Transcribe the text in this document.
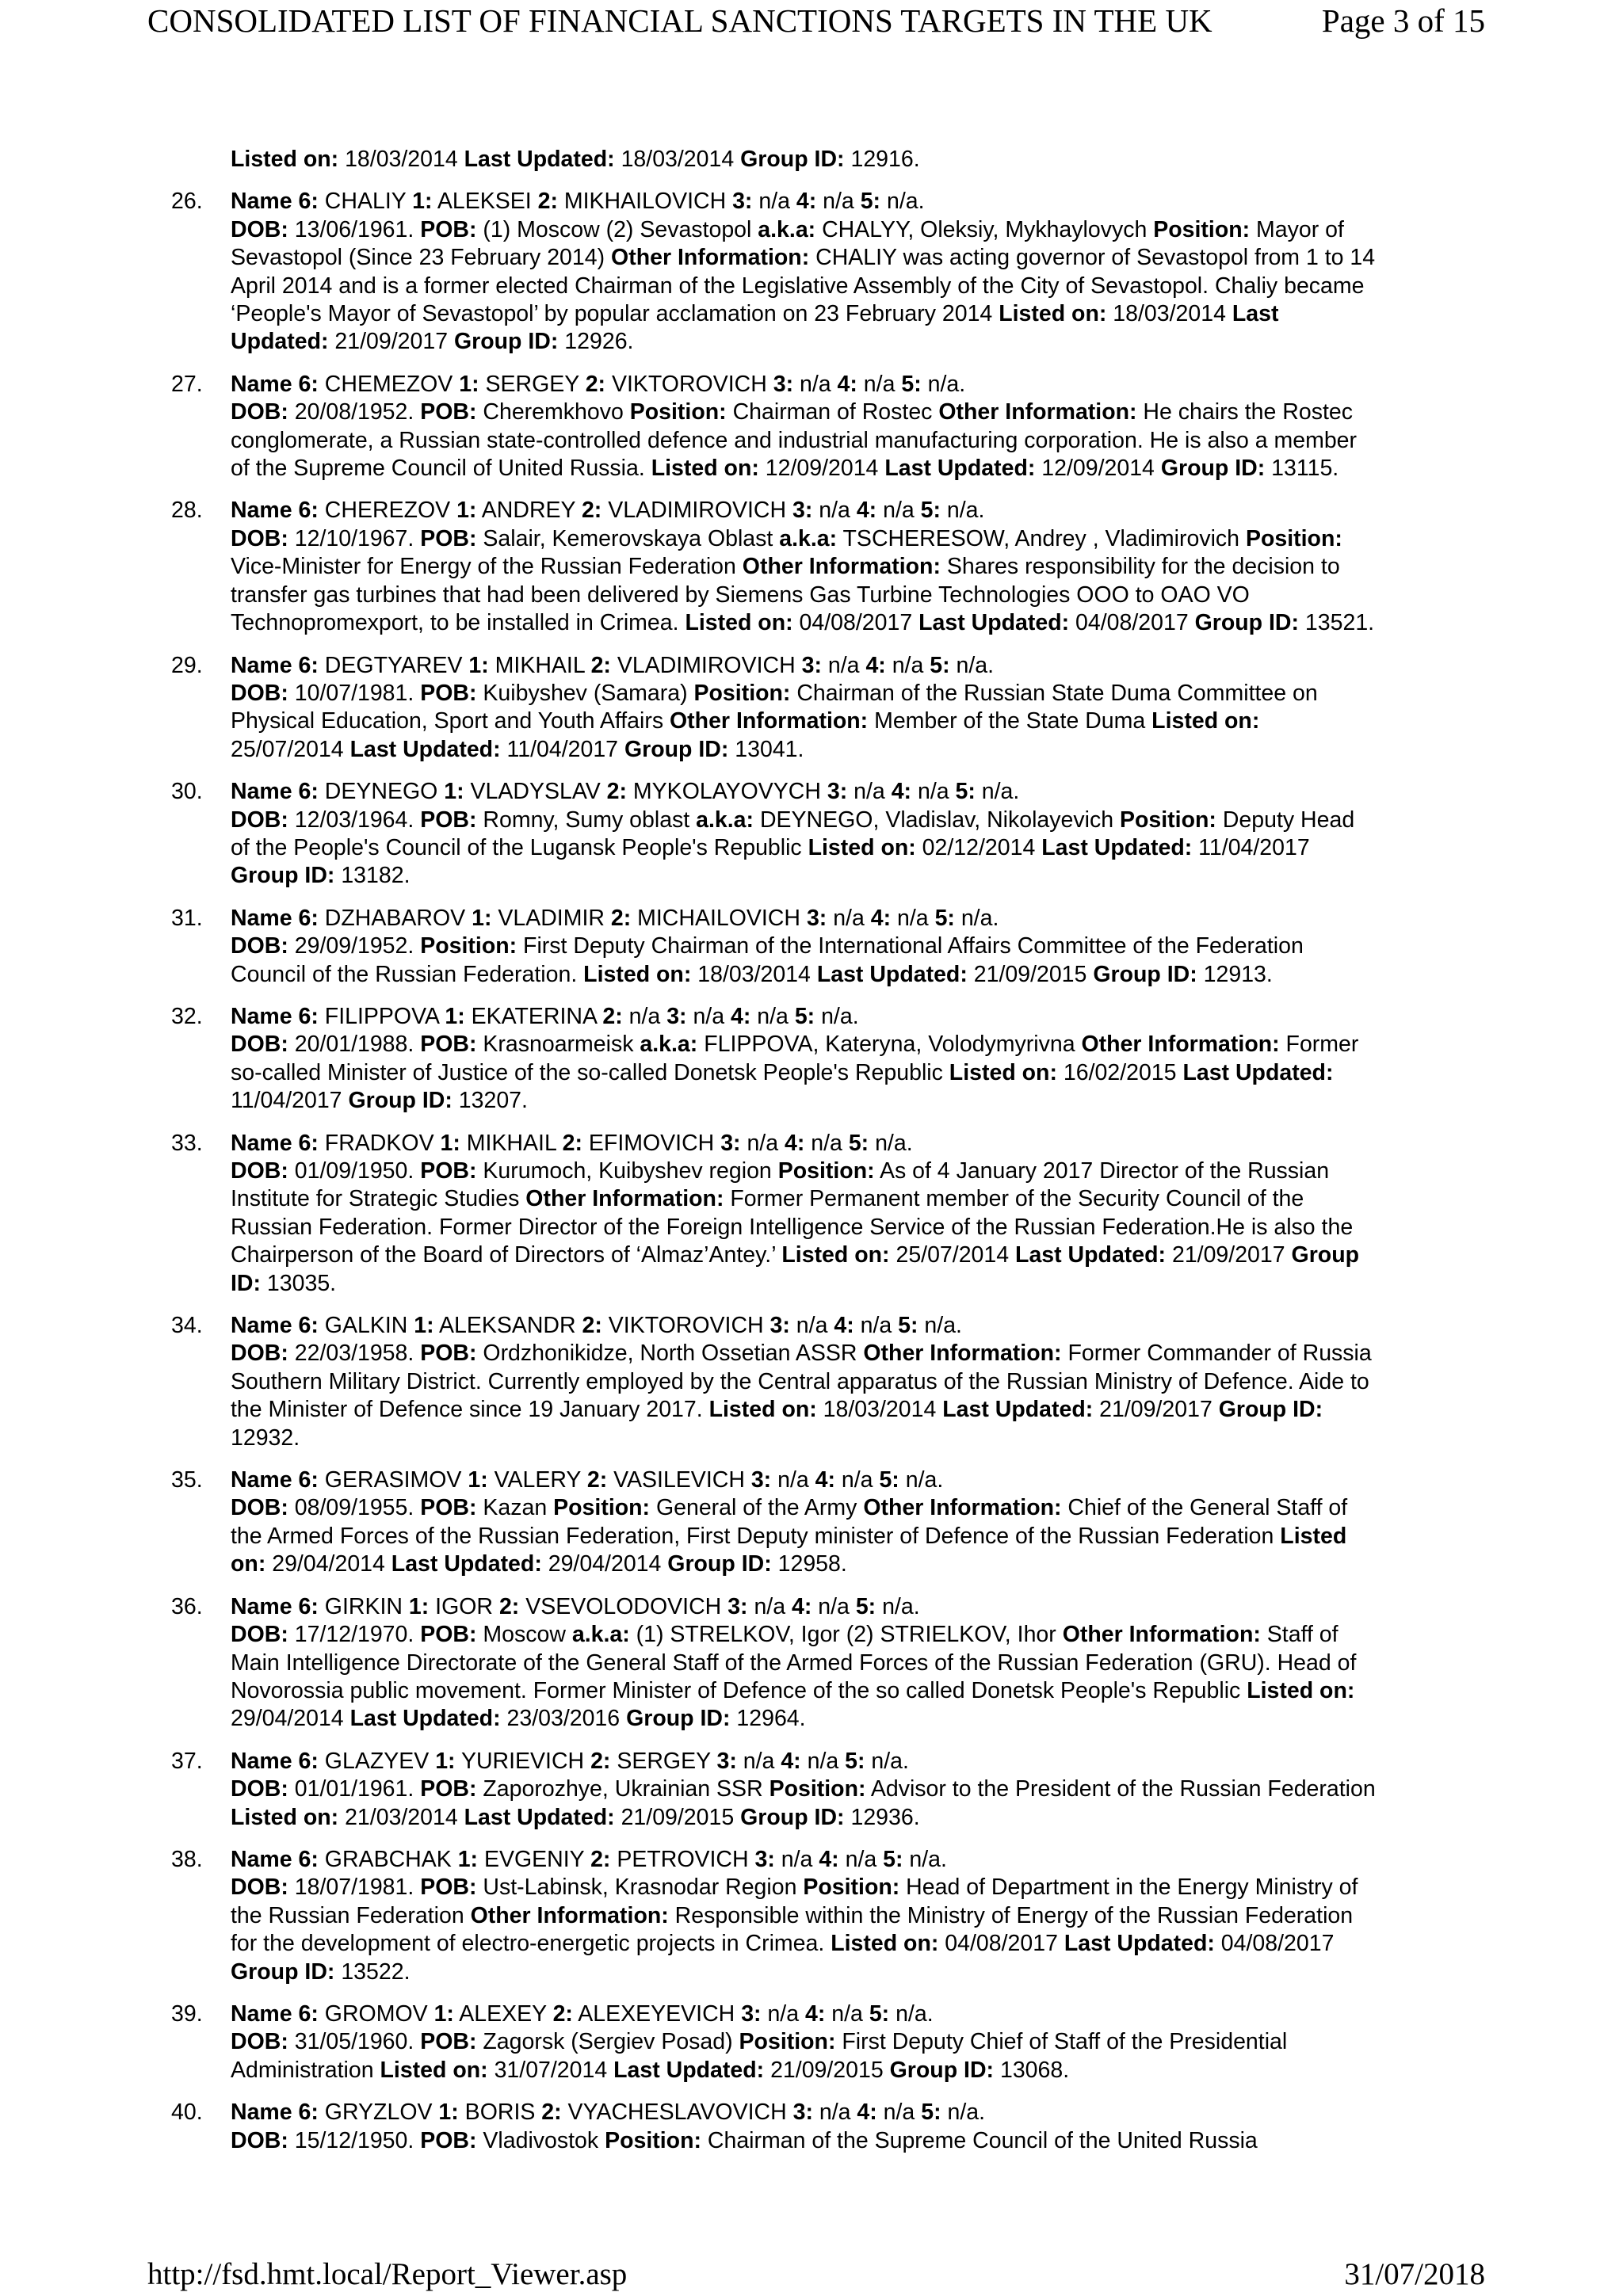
CONSOLIDATED LIST OF FINANCIAL SANCTIONS TARGETS IN THE UK	Page 3 of 15
Listed on: 18/03/2014 Last Updated: 18/03/2014 Group ID: 12916.
26. Name 6: CHALIY 1: ALEKSEI 2: MIKHAILOVICH 3: n/a 4: n/a 5: n/a.
DOB: 13/06/1961. POB: (1) Moscow (2) Sevastopol a.k.a: CHALYY, Oleksiy, Mykhaylovych Position: Mayor of
Sevastopol (Since 23 February 2014) Other Information: CHALIY was acting governor of Sevastopol from 1 to 14
April 2014 and is a former elected Chairman of the Legislative Assembly of the City of Sevastopol. Chaliy became
‘People's Mayor of Sevastopol’ by popular acclamation on 23 February 2014 Listed on: 18/03/2014 Last
Updated: 21/09/2017 Group ID: 12926.
27. Name 6: CHEMEZOV 1: SERGEY 2: VIKTOROVICH 3: n/a 4: n/a 5: n/a.
DOB: 20/08/1952. POB: Cheremkhovo Position: Chairman of Rostec Other Information: He chairs the Rostec
conglomerate, a Russian state-controlled defence and industrial manufacturing corporation. He is also a member
of the Supreme Council of United Russia. Listed on: 12/09/2014 Last Updated: 12/09/2014 Group ID: 13115.
28. Name 6: CHEREZOV 1: ANDREY 2: VLADIMIROVICH 3: n/a 4: n/a 5: n/a.
DOB: 12/10/1967. POB: Salair, Kemerovskaya Oblast a.k.a: TSCHERESOW, Andrey , Vladimirovich Position:
Vice-Minister for Energy of the Russian Federation Other Information: Shares responsibility for the decision to
transfer gas turbines that had been delivered by Siemens Gas Turbine Technologies OOO to OAO VO
Technopromexport, to be installed in Crimea. Listed on: 04/08/2017 Last Updated: 04/08/2017 Group ID: 13521.
29. Name 6: DEGTYAREV 1: MIKHAIL 2: VLADIMIROVICH 3: n/a 4: n/a 5: n/a.
DOB: 10/07/1981. POB: Kuibyshev (Samara) Position: Chairman of the Russian State Duma Committee on
Physical Education, Sport and Youth Affairs Other Information: Member of the State Duma Listed on:
25/07/2014 Last Updated: 11/04/2017 Group ID: 13041.
30. Name 6: DEYNEGO 1: VLADYSLAV 2: MYKOLAYOVYCH 3: n/a 4: n/a 5: n/a.
DOB: 12/03/1964. POB: Romny, Sumy oblast a.k.a: DEYNEGO, Vladislav, Nikolayevich Position: Deputy Head
of the People's Council of the Lugansk People's Republic Listed on: 02/12/2014 Last Updated: 11/04/2017
Group ID: 13182.
31. Name 6: DZHABAROV 1: VLADIMIR 2: MICHAILOVICH 3: n/a 4: n/a 5: n/a.
DOB: 29/09/1952. Position: First Deputy Chairman of the International Affairs Committee of the Federation
Council of the Russian Federation. Listed on: 18/03/2014 Last Updated: 21/09/2015 Group ID: 12913.
32. Name 6: FILIPPOVA 1: EKATERINA 2: n/a 3: n/a 4: n/a 5: n/a.
DOB: 20/01/1988. POB: Krasnoarmeisk a.k.a: FLIPPOVA, Kateryna, Volodymyrivna Other Information: Former
so-called Minister of Justice of the so-called Donetsk People's Republic Listed on: 16/02/2015 Last Updated:
11/04/2017 Group ID: 13207.
33. Name 6: FRADKOV 1: MIKHAIL 2: EFIMOVICH 3: n/a 4: n/a 5: n/a.
DOB: 01/09/1950. POB: Kurumoch, Kuibyshev region Position: As of 4 January 2017 Director of the Russian
Institute for Strategic Studies Other Information: Former Permanent member of the Security Council of the
Russian Federation. Former Director of the Foreign Intelligence Service of the Russian Federation.He is also the
Chairperson of the Board of Directors of ‘Almaz’Antey.’ Listed on: 25/07/2014 Last Updated: 21/09/2017 Group
ID: 13035.
34. Name 6: GALKIN 1: ALEKSANDR 2: VIKTOROVICH 3: n/a 4: n/a 5: n/a.
DOB: 22/03/1958. POB: Ordzhonikidze, North Ossetian ASSR Other Information: Former Commander of Russia
Southern Military District. Currently employed by the Central apparatus of the Russian Ministry of Defence. Aide to
the Minister of Defence since 19 January 2017. Listed on: 18/03/2014 Last Updated: 21/09/2017 Group ID:
12932.
35. Name 6: GERASIMOV 1: VALERY 2: VASILEVICH 3: n/a 4: n/a 5: n/a.
DOB: 08/09/1955. POB: Kazan Position: General of the Army Other Information: Chief of the General Staff of
the Armed Forces of the Russian Federation, First Deputy minister of Defence of the Russian Federation Listed
on: 29/04/2014 Last Updated: 29/04/2014 Group ID: 12958.
36. Name 6: GIRKIN 1: IGOR 2: VSEVOLODOVICH 3: n/a 4: n/a 5: n/a.
DOB: 17/12/1970. POB: Moscow a.k.a: (1) STRELKOV, Igor (2) STRIELKOV, Ihor Other Information: Staff of
Main Intelligence Directorate of the General Staff of the Armed Forces of the Russian Federation (GRU). Head of
Novorossia public movement. Former Minister of Defence of the so called Donetsk People's Republic Listed on:
29/04/2014 Last Updated: 23/03/2016 Group ID: 12964.
37. Name 6: GLAZYEV 1: YURIEVICH 2: SERGEY 3: n/a 4: n/a 5: n/a.
DOB: 01/01/1961. POB: Zaporozhye, Ukrainian SSR Position: Advisor to the President of the Russian Federation
Listed on: 21/03/2014 Last Updated: 21/09/2015 Group ID: 12936.
38. Name 6: GRABCHAK 1: EVGENIY 2: PETROVICH 3: n/a 4: n/a 5: n/a.
DOB: 18/07/1981. POB: Ust-Labinsk, Krasnodar Region Position: Head of Department in the Energy Ministry of
the Russian Federation Other Information: Responsible within the Ministry of Energy of the Russian Federation
for the development of electro-energetic projects in Crimea. Listed on: 04/08/2017 Last Updated: 04/08/2017
Group ID: 13522.
39. Name 6: GROMOV 1: ALEXEY 2: ALEXEYEVICH 3: n/a 4: n/a 5: n/a.
DOB: 31/05/1960. POB: Zagorsk (Sergiev Posad) Position: First Deputy Chief of Staff of the Presidential
Administration Listed on: 31/07/2014 Last Updated: 21/09/2015 Group ID: 13068.
40. Name 6: GRYZLOV 1: BORIS 2: VYACHESLAVOVICH 3: n/a 4: n/a 5: n/a.
DOB: 15/12/1950. POB: Vladivostok Position: Chairman of the Supreme Council of the United Russia
http://fsd.hmt.local/Report_Viewer.asp	31/07/2018
